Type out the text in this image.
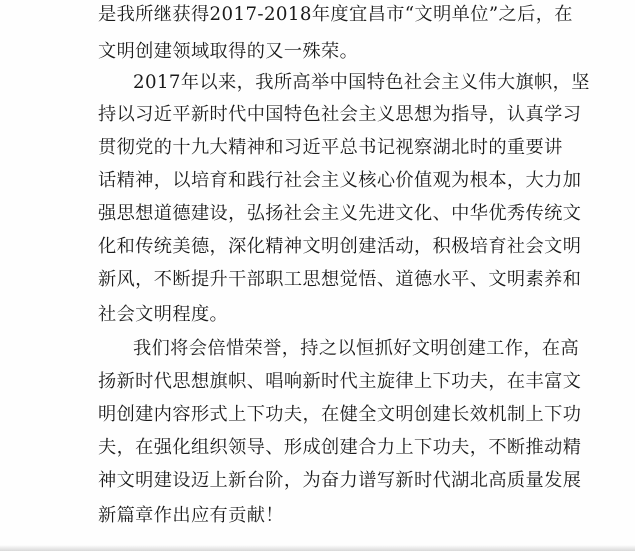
是我所继获得2017-2018年度宜昌市“文明单位”之后，在
文明创建领域取得的又一殊荣。
2017年以来，我所高举中国特色社会主义伟大旗帜，坚
持以习近平新时代中国特色社会主义思想为指导，认真学习
贯彻党的十九大精神和习近平总书记视察湖北时的重要讲
话精神，以培育和践行社会主义核心价值观为根本，大力加
强思想道德建设，弘扬社会主义先进文化、中华优秀传统文
化和传统美德，深化精神文明创建活动，积极培育社会文明
新风，不断提升干部职工思想觉悟、道德水平、文明素养和
社会文明程度。
我们将会倍惜荣誉，持之以恒抓好文明创建工作，在高
扬新时代思想旗帜、唱响新时代主旋律上下功夫，在丰富文
明创建内容形式上下功夫，在健全文明创建长效机制上下功
夫，在强化组织领导、形成创建合力上下功夫，不断推动精
神文明建设迈上新台阶，为奋力谱写新时代湖北高质量发展
新篇章作出应有贡献！
